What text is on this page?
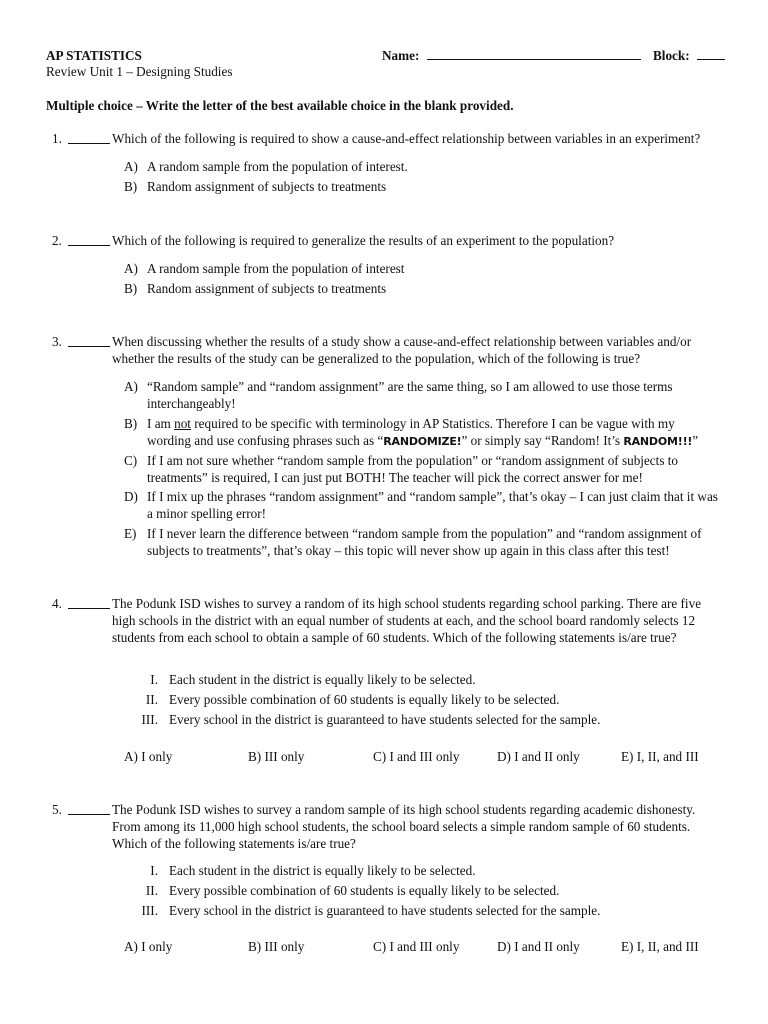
AP STATISTICS
Review Unit 1 – Designing Studies
Name:	Block:
Multiple choice – Write the letter of the best available choice in the blank provided.
1.	Which of the following is required to show a cause-and-effect relationship between variables in an experiment?
A) A random sample from the population of interest.
B) Random assignment of subjects to treatments
2.	Which of the following is required to generalize the results of an experiment to the population?
A) A random sample from the population of interest
B) Random assignment of subjects to treatments
3.	When discussing whether the results of a study show a cause-and-effect relationship between variables and/or whether the results of the study can be generalized to the population, which of the following is true?
A) “Random sample” and “random assignment” are the same thing, so I am allowed to use those terms interchangeably!
B) I am not required to be specific with terminology in AP Statistics. Therefore I can be vague with my wording and use confusing phrases such as “RANDOMIZE!” or simply say “Random! It’s RANDOM!!!”
C) If I am not sure whether “random sample from the population” or “random assignment of subjects to treatments” is required, I can just put BOTH! The teacher will pick the correct answer for me!
D) If I mix up the phrases “random assignment” and “random sample”, that’s okay – I can just claim that it was a minor spelling error!
E) If I never learn the difference between “random sample from the population” and “random assignment of subjects to treatments”, that’s okay – this topic will never show up again in this class after this test!
4.	The Podunk ISD wishes to survey a random of its high school students regarding school parking. There are five high schools in the district with an equal number of students at each, and the school board randomly selects 12 students from each school to obtain a sample of 60 students. Which of the following statements is/are true?
I. Each student in the district is equally likely to be selected.
II. Every possible combination of 60 students is equally likely to be selected.
III. Every school in the district is guaranteed to have students selected for the sample.
A) I only	B) III only	C) I and III only	D) I and II only	E) I, II, and III
5.	The Podunk ISD wishes to survey a random sample of its high school students regarding academic dishonesty. From among its 11,000 high school students, the school board selects a simple random sample of 60 students. Which of the following statements is/are true?
I. Each student in the district is equally likely to be selected.
II. Every possible combination of 60 students is equally likely to be selected.
III. Every school in the district is guaranteed to have students selected for the sample.
A) I only	B) III only	C) I and III only	D) I and II only	E) I, II, and III
